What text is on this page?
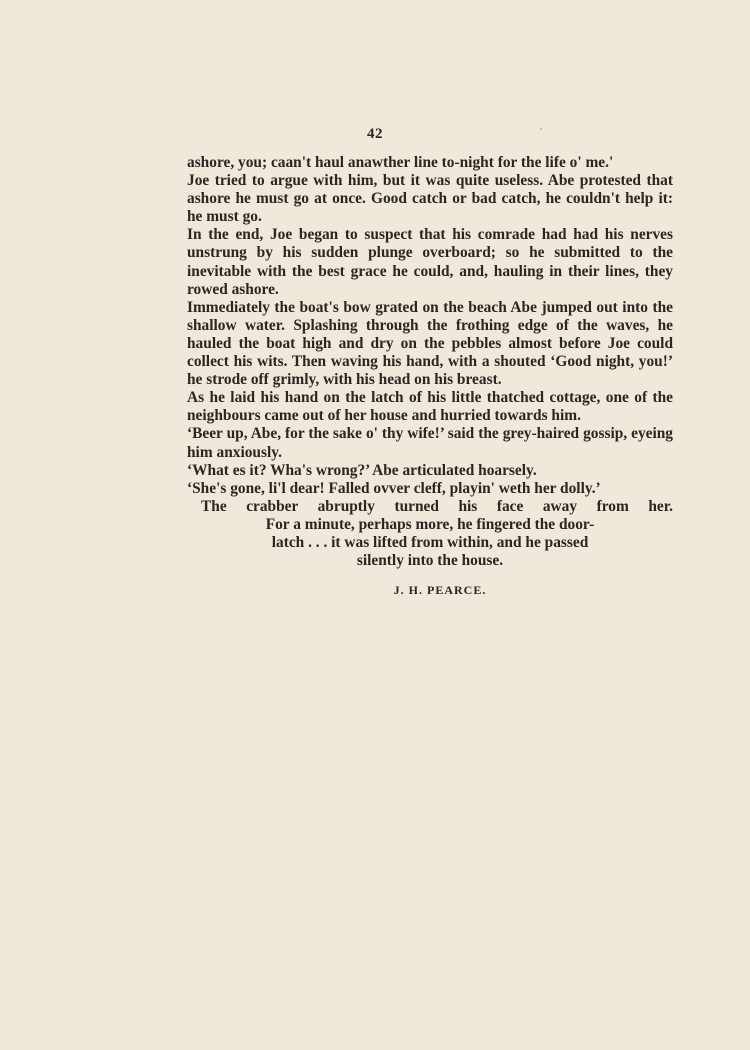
42

ashore, you; caan't haul anawther line to-night for the life o' me.'

Joe tried to argue with him, but it was quite useless. Abe protested that ashore he must go at once. Good catch or bad catch, he couldn't help it: he must go.

In the end, Joe began to suspect that his comrade had had his nerves unstrung by his sudden plunge overboard; so he submitted to the inevitable with the best grace he could, and, hauling in their lines, they rowed ashore.

Immediately the boat's bow grated on the beach Abe jumped out into the shallow water. Splashing through the frothing edge of the waves, he hauled the boat high and dry on the pebbles almost before Joe could collect his wits. Then waving his hand, with a shouted ‘Good night, you!’ he strode off grimly, with his head on his breast.

As he laid his hand on the latch of his little thatched cottage, one of the neighbours came out of her house and hurried towards him.

‘Beer up, Abe, for the sake o' thy wife!’ said the grey-haired gossip, eyeing him anxiously.

‘What es it? Wha's wrong?’ Abe articulated hoarsely.

‘She's gone, li'l dear! Falled ovver cleff, playin' weth her dolly.’

The crabber abruptly turned his face away from her.
For a minute, perhaps more, he fingered the door-
latch . . . it was lifted from within, and he passed
silently into the house.

J. H. PEARCE.
